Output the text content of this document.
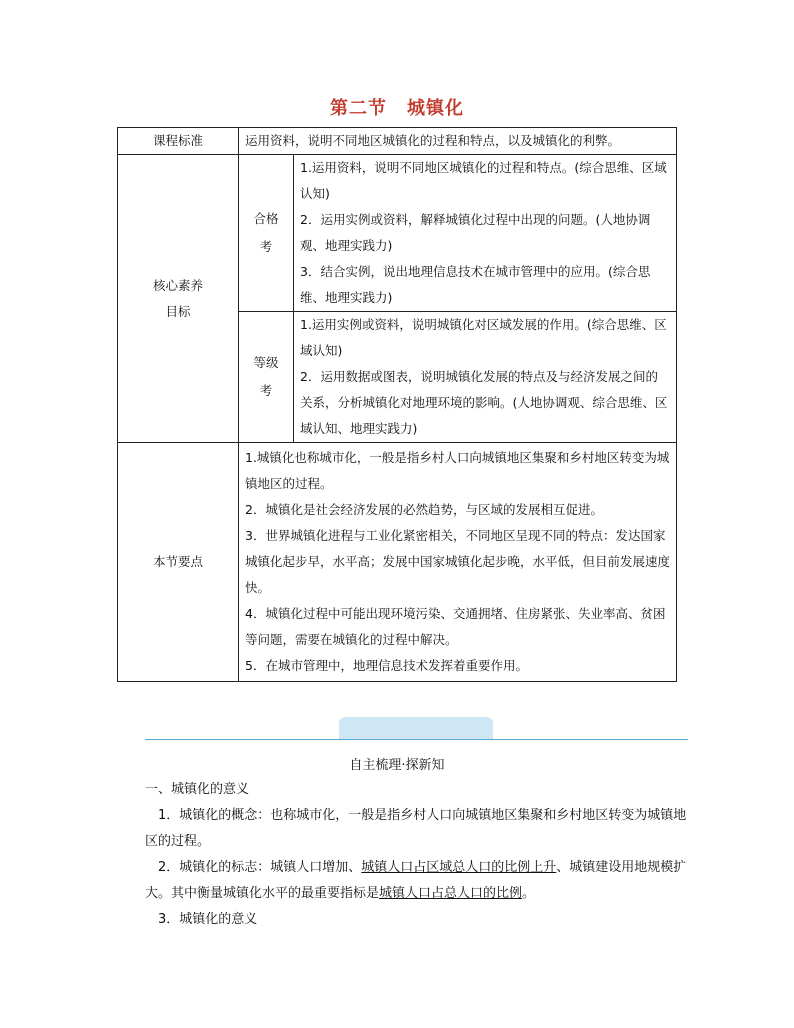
第二节 城镇化
课程标准	运用资料，说明不同地区城镇化的过程和特点，以及城镇化的利弊。	
核心素养目标	合格考	1.运用资料，说明不同地区城镇化的过程和特点。(综合思维、区域认知)

2．运用实例或资料，解释城镇化过程中出现的问题。(人地协调观、地理实践力)

3．结合实例，说出地理信息技术在城市管理中的应用。(综合思维、地理实践力)

	等级考	1.运用实例或资料，说明城镇化对区域发展的作用。(综合思维、区域认知)

2．运用数据或图表，说明城镇化发展的特点及与经济发展之间的关系，分析城镇化对地理环境的影响。(人地协调观、综合思维、区域认知、地理实践力)

本节要点	1.城镇化也称城市化，一般是指乡村人口向城镇地区集聚和乡村地区转变为城镇地区的过程。

2．城镇化是社会经济发展的必然趋势，与区域的发展相互促进。

3．世界城镇化进程与工业化紧密相关，不同地区呈现不同的特点：发达国家城镇化起步早，水平高；发展中国家城镇化起步晚，水平低，但目前发展速度快。

4．城镇化过程中可能出现环境污染、交通拥堵、住房紧张、失业率高、贫困等问题，需要在城镇化的过程中解决。

5．在城市管理中，地理信息技术发挥着重要作用。	

自主梳理·探新知

一、城镇化的意义

1．城镇化的概念：也称城市化，一般是指乡村人口向城镇地区集聚和乡村地区转变为城镇地区的过程。

2．城镇化的标志：城镇人口增加、城镇人口占区域总人口的比例上升、城镇建设用地规模扩大。其中衡量城镇化水平的最重要指标是城镇人口占总人口的比例。

3．城镇化的意义
